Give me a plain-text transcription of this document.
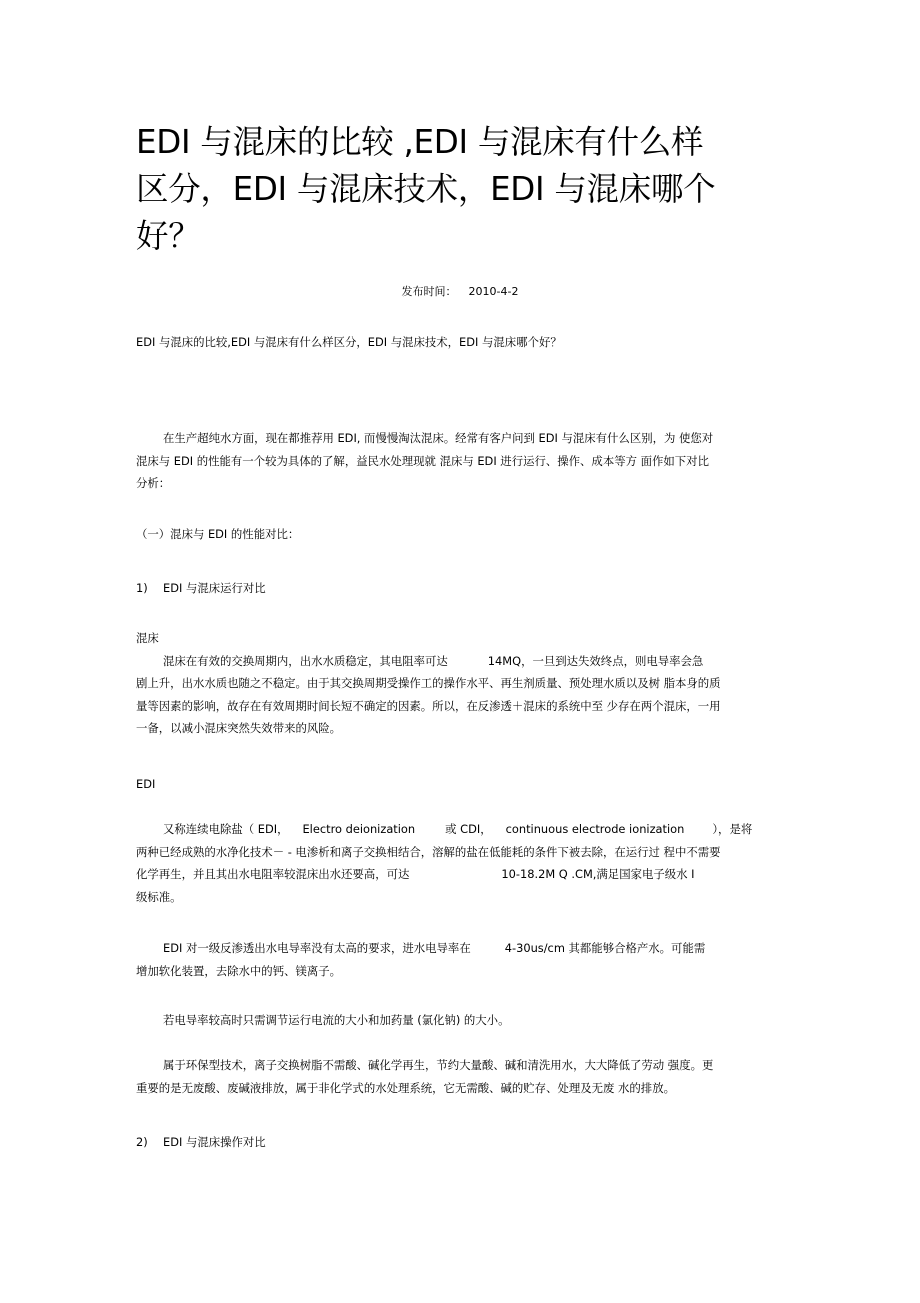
EDI 与混床的比较 ,EDI 与混床有什么样
区分，EDI 与混床技术，EDI 与混床哪个
好？
发布时间： 2010-4-2
EDI 与混床的比较,EDI 与混床有什么样区分，EDI 与混床技术，EDI 与混床哪个好？
在生产超纯水方面，现在都推荐用 EDI, 而慢慢淘汰混床。经常有客户问到 EDI 与混床有什么区别，为 使您对
混床与 EDI 的性能有一个较为具体的了解，益民水处理现就 混床与 EDI 进行运行、操作、成本等方 面作如下对比
分析：
（一）混床与 EDI 的性能对比：
1) EDI 与混床运行对比
混床
混床在有效的交换周期内，出水水质稳定，其电阻率可达	14MQ，一旦到达失效终点，则电导率会急
剧上升，出水水质也随之不稳定。由于其交换周期受操作工的操作水平、再生剂质量、预处理水质以及树 脂本身的质
量等因素的影响，故存在有效周期时间长短不确定的因素。所以，在反渗透＋混床的系统中至 少存在两个混床，一用
一备，以减小混床突然失效带来的风险。
EDI
又称连续电除盐（ EDI， Electro deionization	或 CDI， continuous electrode ionization ），是将
两种已经成熟的水净化技术－ - 电渗析和离子交换相结合，溶解的盐在低能耗的条件下被去除，在运行过 程中不需要
化学再生，并且其出水电阻率较混床出水还要高，可达	10-18.2M Q .CM,满足国家电子级水 I
级标准。
EDI 对一级反渗透出水电导率没有太高的要求，进水电导率在	4-30us/cm 其都能够合格产水。可能需
增加软化装置，去除水中的钙、镁离子。
若电导率较高时只需调节运行电流的大小和加药量 (氯化钠) 的大小。
属于环保型技术，离子交换树脂不需酸、碱化学再生，节约大量酸、碱和清洗用水，大大降低了劳动 强度。更
重要的是无废酸、废碱液排放，属于非化学式的水处理系统，它无需酸、碱的贮存、处理及无废 水的排放。
2) EDI 与混床操作对比
